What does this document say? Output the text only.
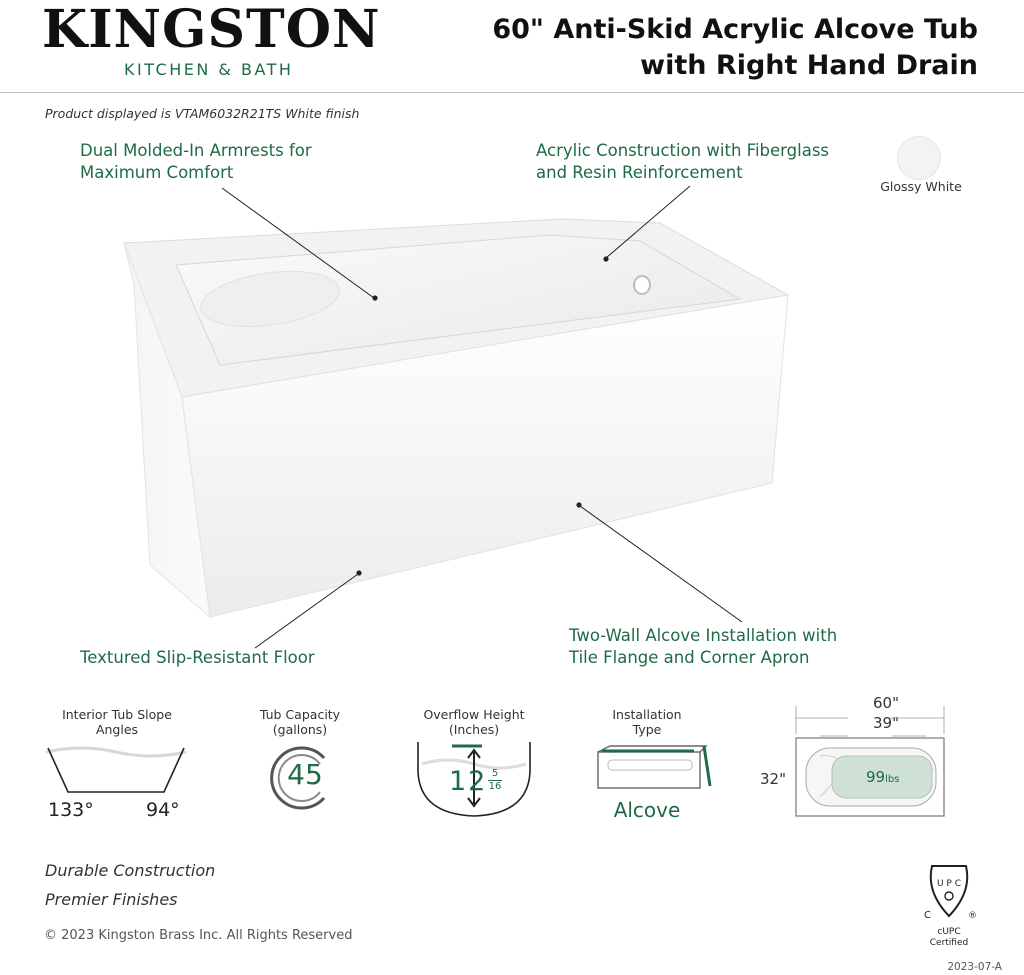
KINGSTON
KITCHEN & BATH
60" Anti-Skid Acrylic Alcove Tub
with Right Hand Drain
Product displayed is VTAM6032R21TS White finish
Dual Molded-In Armrests for
Maximum Comfort
Acrylic Construction with Fiberglass
and Resin Reinforcement
Textured Slip-Resistant Floor
Two-Wall Alcove Installation with
Tile Flange and Corner Apron
Glossy White
Interior Tub Slope
Angles
133°	94°
Tub Capacity
(gallons)
45
Overflow Height
(Inches)
$12 \frac{5}{16}$
Installation
Type
Alcove
60"
39"
32"	99lbs
Durable Construction
Premier Finishes
© 2023 Kingston Brass Inc. All Rights Reserved
2023-07-A
U P C
C	®
cUPC
Certified
